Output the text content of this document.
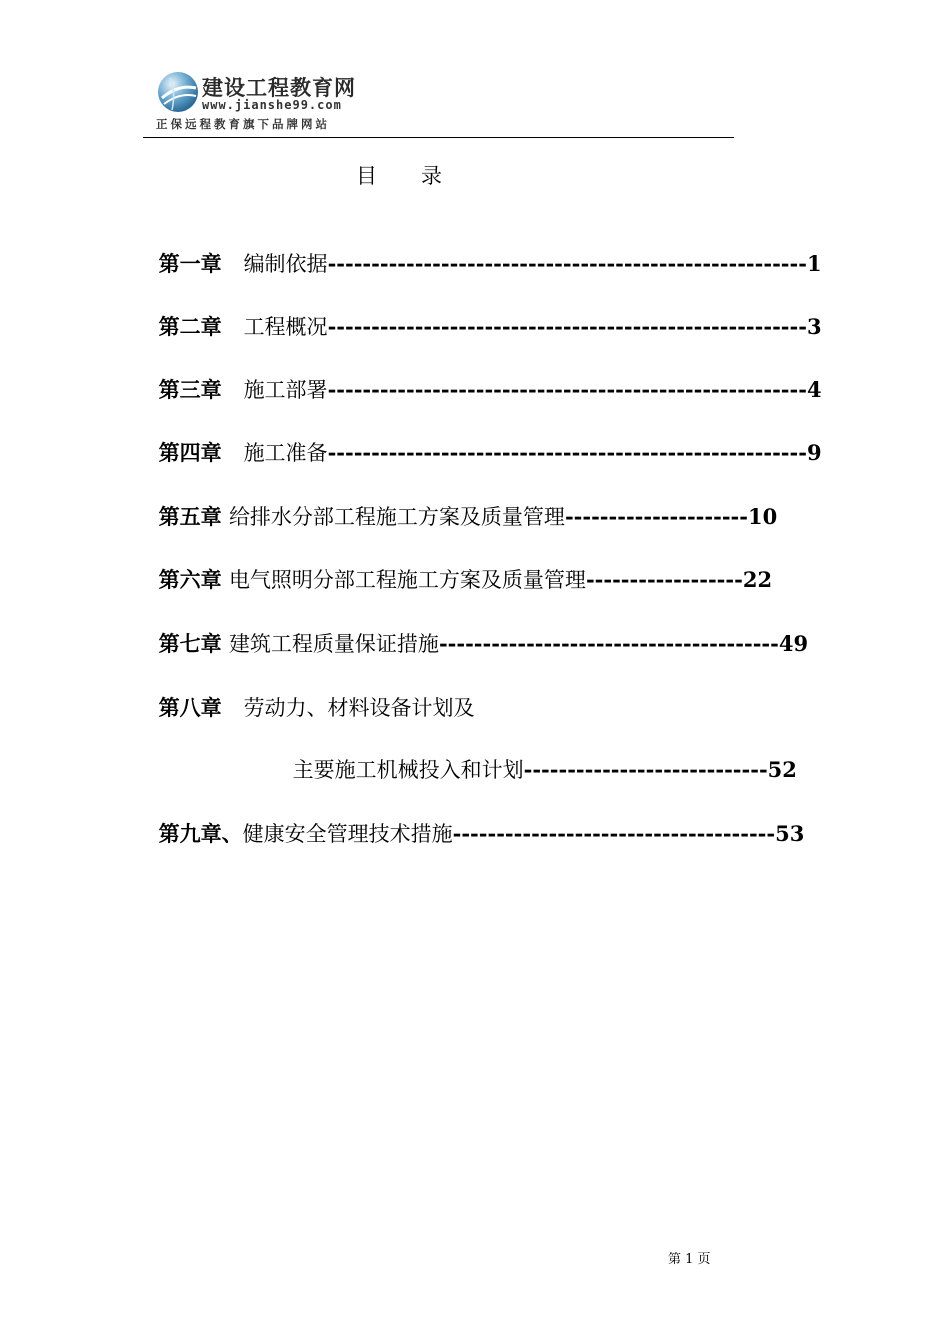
建设工程教育网
www.jianshe99.com
正保远程教育旗下品牌网站
目录

第一章 编制依据-------------------------------------------------------1

第二章 工程概况-------------------------------------------------------3

第三章 施工部署-------------------------------------------------------4

第四章 施工准备-------------------------------------------------------9

第五章 给排水分部工程施工方案及质量管理---------------------10

第六章 电气照明分部工程施工方案及质量管理------------------22

第七章 建筑工程质量保证措施---------------------------------------49

第八章 劳动力、材料设备计划及

主要施工机械投入和计划----------------------------52

第九章、健康安全管理技术措施-------------------------------------53

第 1 页
